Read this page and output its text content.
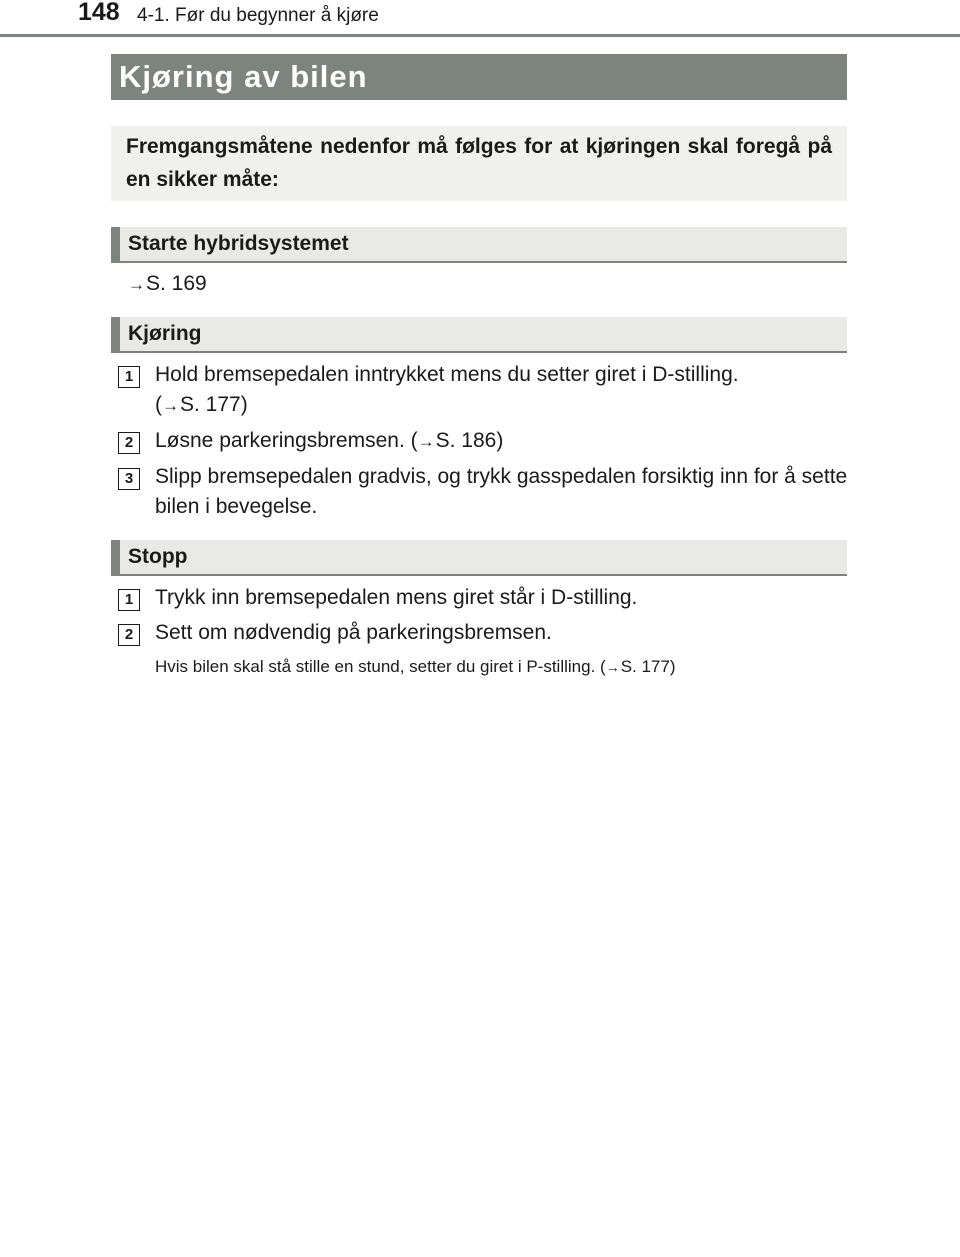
148 4-1. Før du begynner å kjøre
Kjøring av bilen
Fremgangsmåtene nedenfor må følges for at kjøringen skal foregå på en sikker måte:
Starte hybridsystemet
→S. 169
Kjøring
1	Hold bremsepedalen inntrykket mens du setter giret i D-stilling.
(→S. 177)
2	Løsne parkeringsbremsen. (→S. 186)
3	Slipp bremsepedalen gradvis, og trykk gasspedalen forsiktig inn for å sette bilen i bevegelse.
Stopp
1	Trykk inn bremsepedalen mens giret står i D-stilling.
2	Sett om nødvendig på parkeringsbremsen.
Hvis bilen skal stå stille en stund, setter du giret i P-stilling. (→S. 177)
